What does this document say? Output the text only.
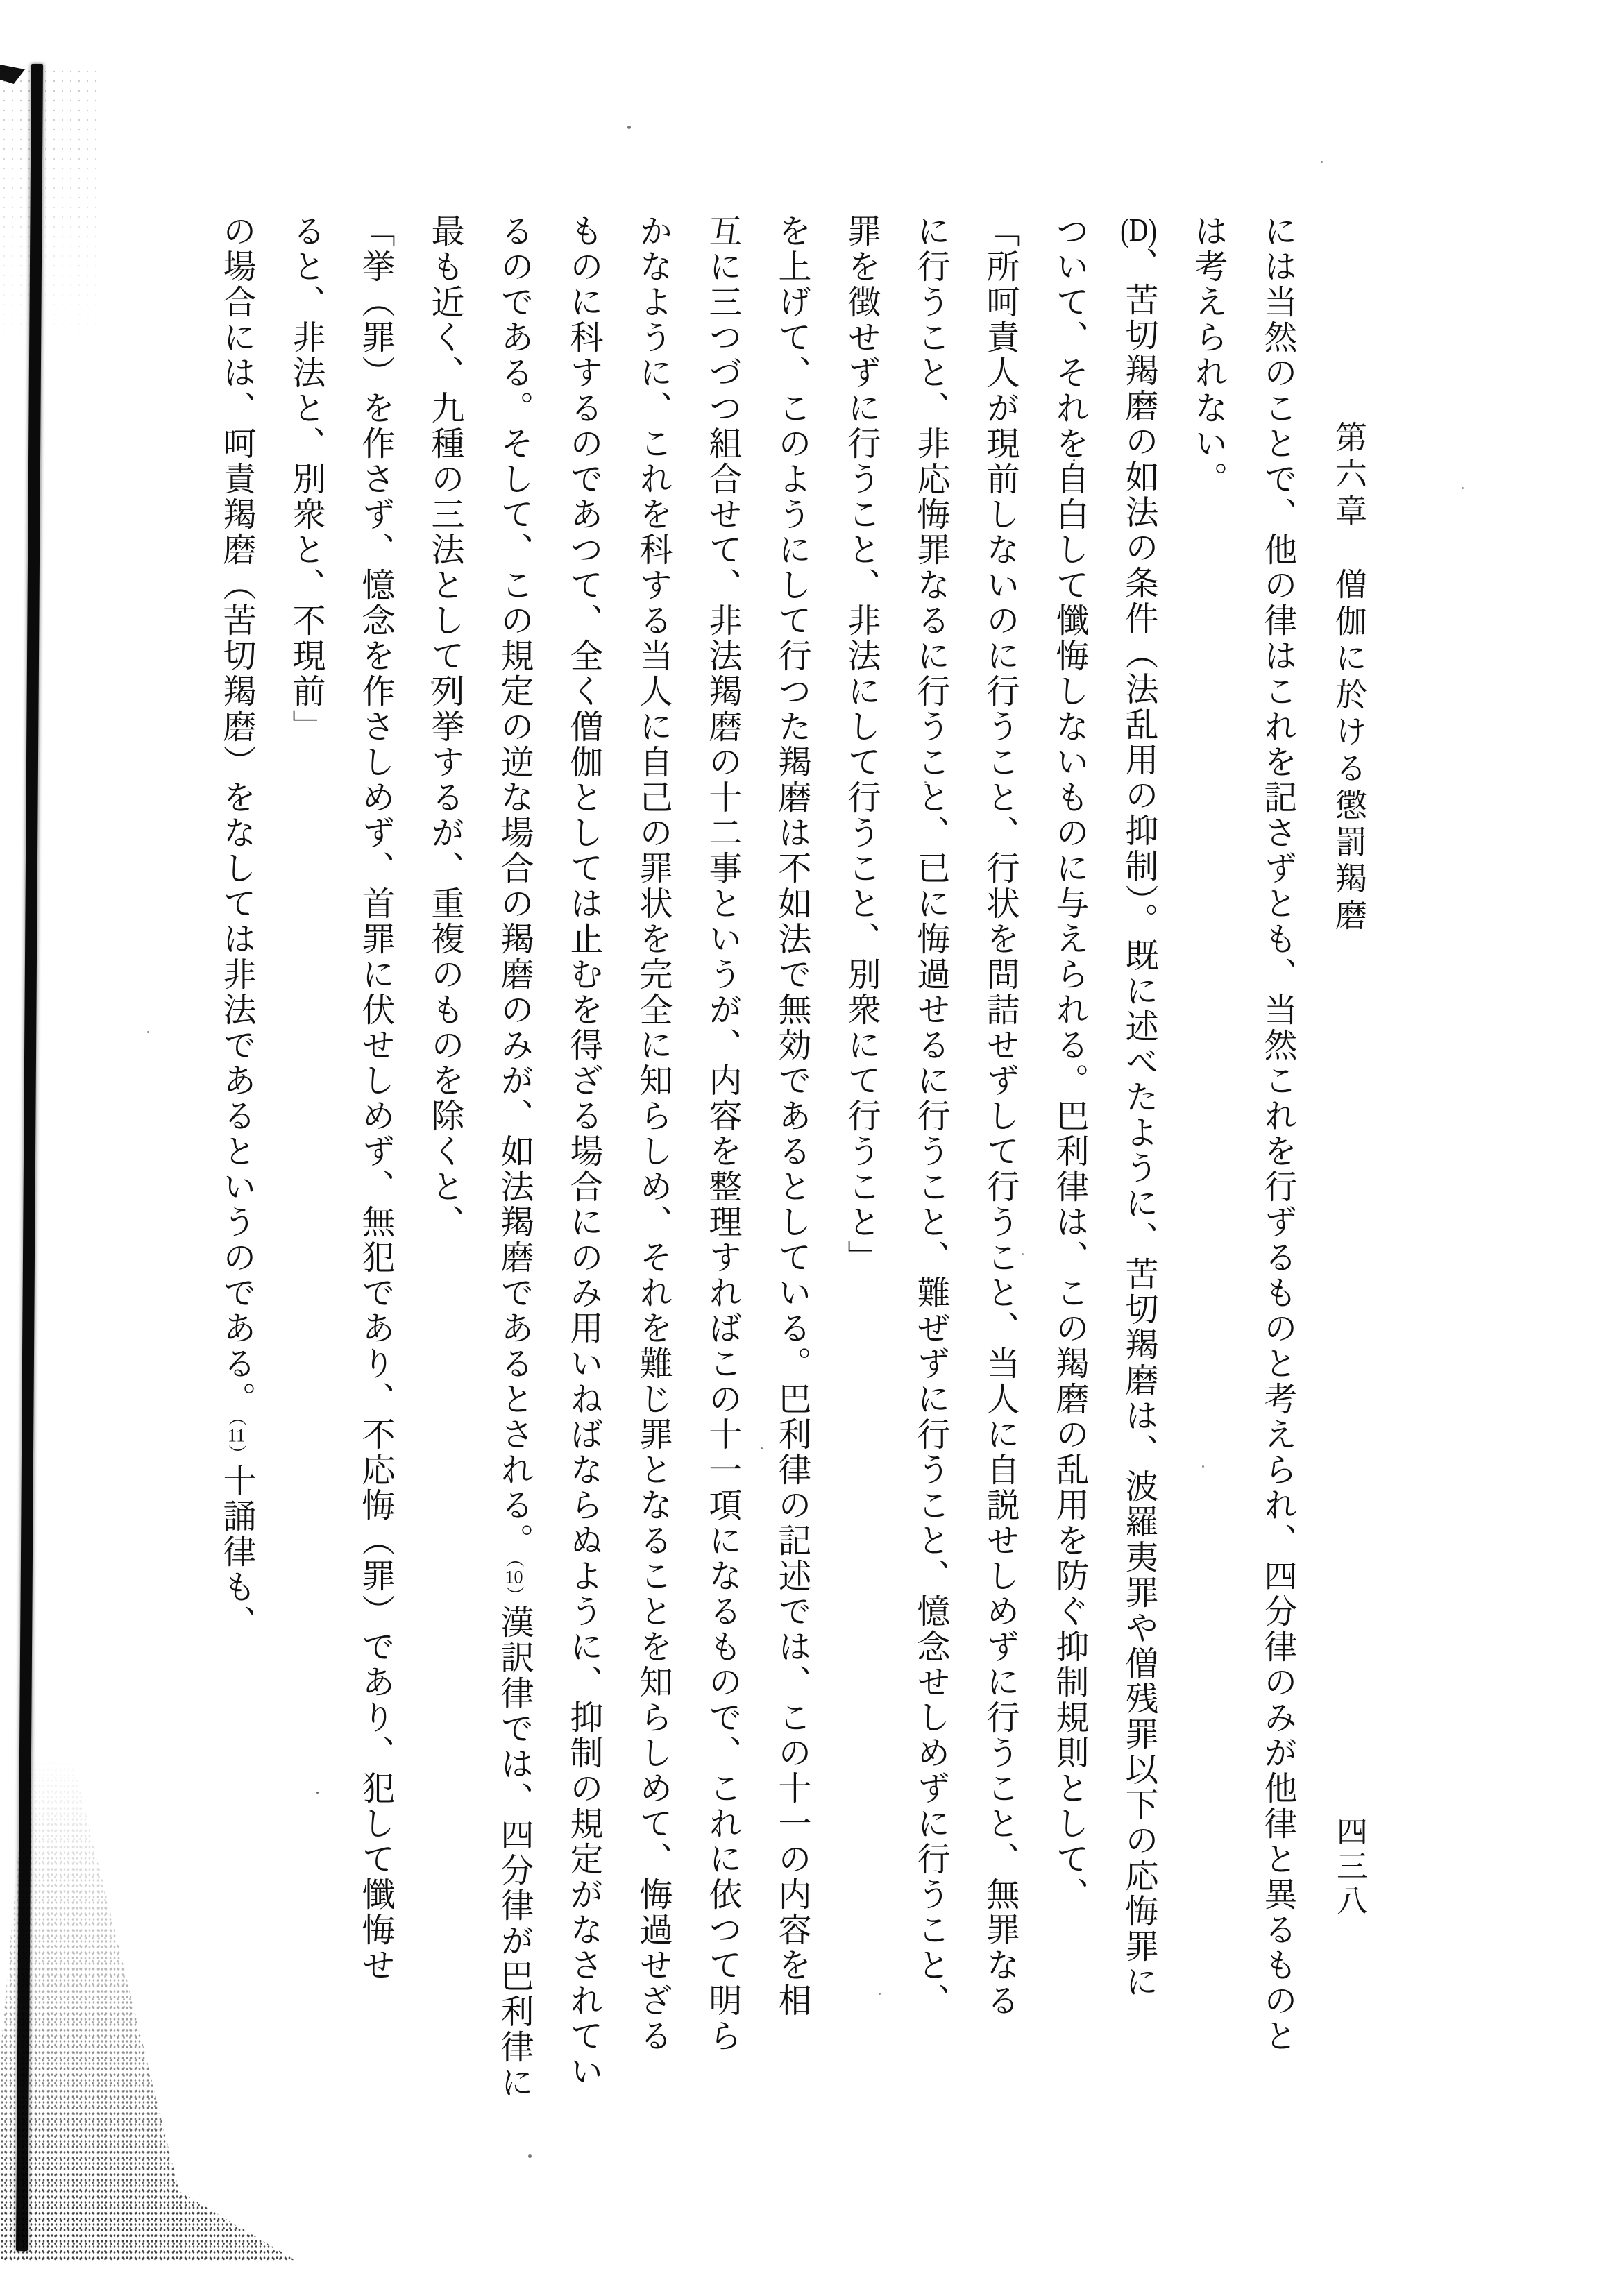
第六章　僧伽に於ける懲罰羯磨
四三八
には当然のことで、他の律はこれを記さずとも、当然これを行ずるものと考えられ、四分律のみが他律と異るものと
は考えられない。
(D)、苦切羯磨の如法の条件（法乱用の抑制）。既に述べたように、苦切羯磨は、波羅夷罪や僧残罪以下の応悔罪に
ついて、それを自白して懺悔しないものに与えられる。巴利律は、この羯磨の乱用を防ぐ抑制規則として、
「所呵責人が現前しないのに行うこと、行状を問詰せずして行うこと、当人に自説せしめずに行うこと、無罪なる
に行うこと、非応悔罪なるに行うこと、已に悔過せるに行うこと、難ぜずに行うこと、憶念せしめずに行うこと、
罪を徴せずに行うこと、非法にして行うこと、別衆にて行うこと」
を上げて、このようにして行つた羯磨は不如法で無効であるとしている。巴利律の記述では、この十一の内容を相
互に三つづつ組合せて、非法羯磨の十二事というが、内容を整理すればこの十一項になるもので、これに依つて明ら
かなように、これを科する当人に自己の罪状を完全に知らしめ、それを難じ罪となることを知らしめて、悔過せざる
ものに科するのであつて、全く僧伽としては止むを得ざる場合にのみ用いねばならぬように、抑制の規定がなされてい
るのである。そして、この規定の逆な場合の羯磨のみが、如法羯磨であるとされる。（10）漢訳律では、四分律が巴利律に
最も近く、九種の三法として列挙するが、重複のものを除くと、
「挙（罪）を作さず、憶念を作さしめず、首罪に伏せしめず、無犯であり、不応悔（罪）であり、犯して懺悔せ
ると、非法と、別衆と、不現前」
の場合には、呵責羯磨（苦切羯磨）をなしては非法であるというのである。（11）十誦律も、
